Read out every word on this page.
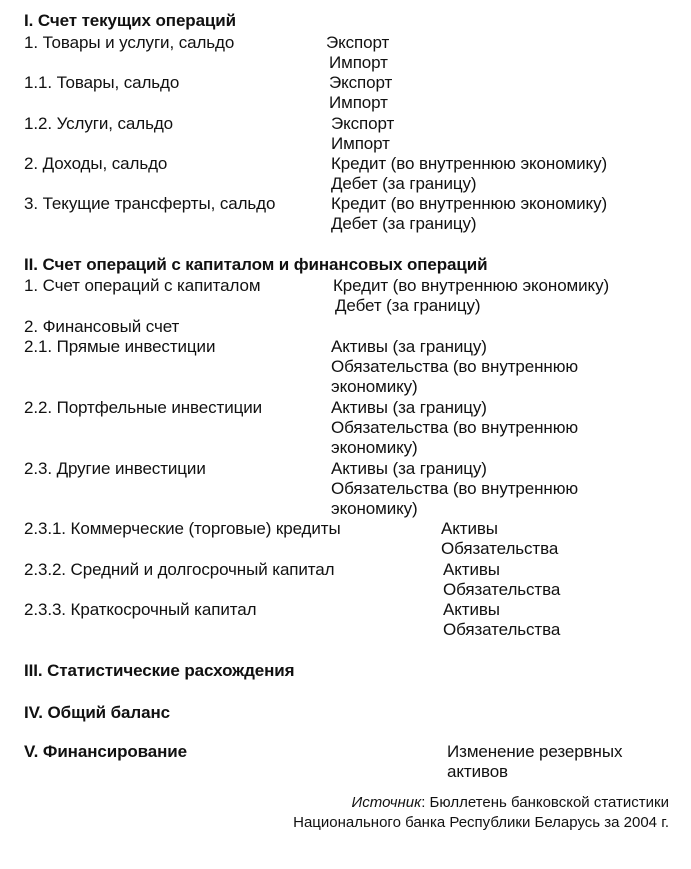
I. Счет текущих операций
1. Товары и услуги, сальдо	Экспорт
Импорт
1.1. Товары, сальдо	Экспорт
Импорт
1.2. Услуги, сальдо	Экспорт
Импорт
2. Доходы, сальдо	Кредит (во внутреннюю экономику)
Дебет (за границу)
3. Текущие трансферты, сальдо	Кредит (во внутреннюю экономику)
Дебет (за границу)
II. Счет операций с капиталом и финансовых операций
1. Счет операций с капиталом	Кредит (во внутреннюю экономику)
Дебет (за границу)
2. Финансовый счет
2.1. Прямые инвестиции	Активы (за границу)
Обязательства (во внутреннюю
экономику)
2.2. Портфельные инвестиции	Активы (за границу)
Обязательства (во внутреннюю
экономику)
2.3. Другие инвестиции	Активы (за границу)
Обязательства (во внутреннюю
экономику)
2.3.1. Коммерческие (торговые) кредиты	Активы
Обязательства
2.3.2. Средний и долгосрочный капитал	Активы
Обязательства
2.3.3. Краткосрочный капитал	Активы
Обязательства
III. Статистические расхождения
IV. Общий баланс
V. Финансирование	Изменение резервных
активов
Источник: Бюллетень банковской статистики
Национального банка Республики Беларусь за 2004 г.
